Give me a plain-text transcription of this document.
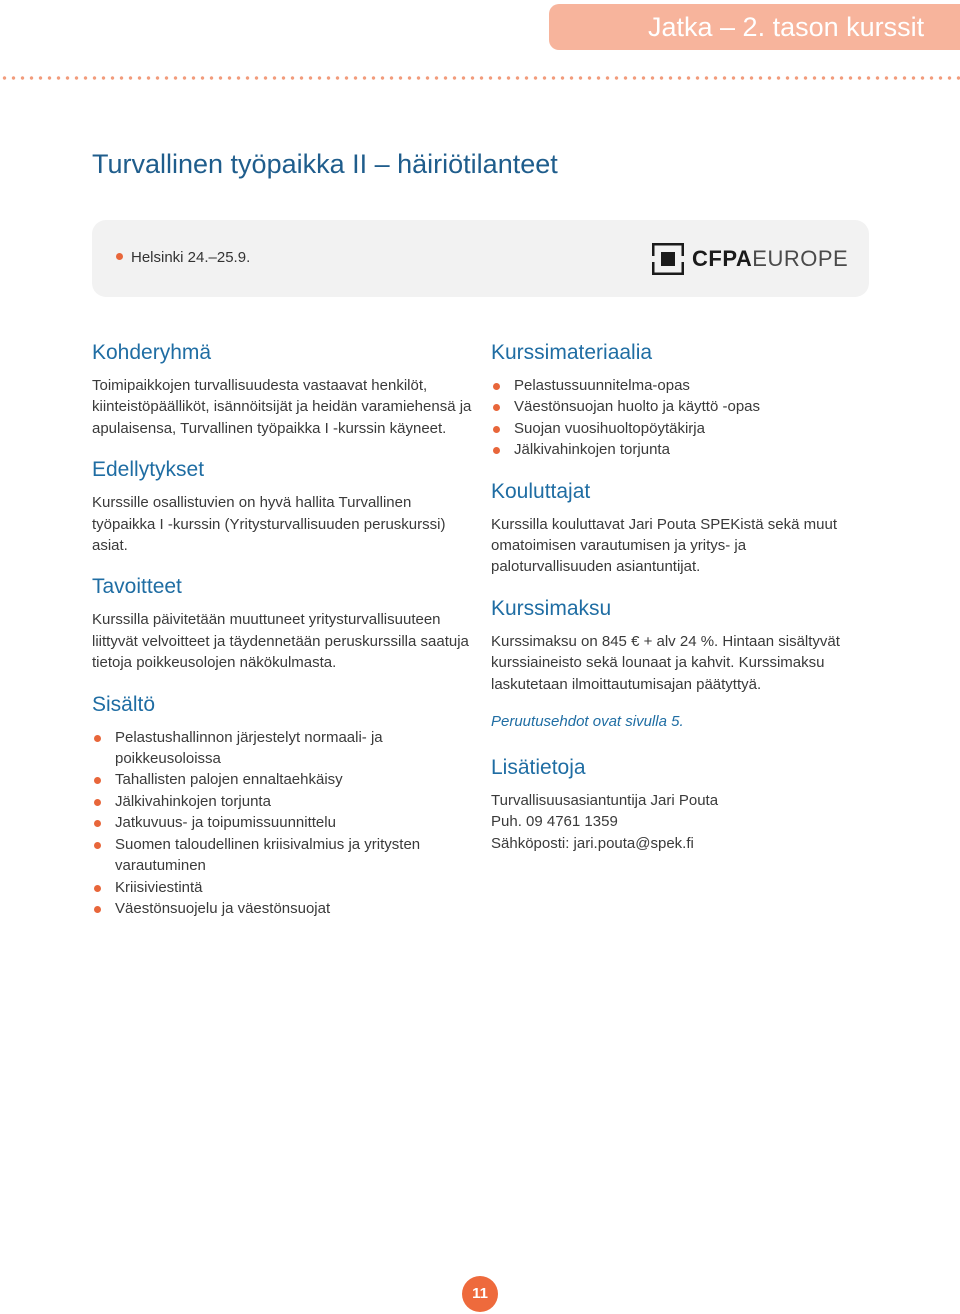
Jatka – 2. tason kurssit
Turvallinen työpaikka II – häiriötilanteet
Helsinki 24.–25.9.	CFPA EUROPE
Kohderyhmä

Toimipaikkojen turvallisuudesta vastaavat henkilöt, kiinteistöpäälliköt, isännöitsijät ja heidän varamiehensä ja apulaisensa, Turvallinen työpaikka I -kurssin käyneet.

Edellytykset

Kurssille osallistuvien on hyvä hallita Turvallinen työpaikka I -kurssin (Yritysturvallisuuden peruskurssi) asiat.

Tavoitteet

Kurssilla päivitetään muuttuneet yritysturvallisuuteen liittyvät velvoitteet ja täydennetään peruskurssilla saatuja tietoja poikkeusolojen näkökulmasta.

Sisältö
Pelastushallinnon järjestelyt normaali- ja poikkeusoloissa
Tahallisten palojen ennaltaehkäisy
Jälkivahinkojen torjunta
Jatkuvuus- ja toipumissuunnittelu
Suomen taloudellinen kriisivalmius ja yritysten varautuminen
Kriisiviestintä
Väestönsuojelu ja väestönsuojat
Kurssimateriaalia
Pelastussuunnitelma-opas
Väestönsuojan huolto ja käyttö -opas
Suojan vuosihuoltopöytäkirja
Jälkivahinkojen torjunta
Kouluttajat

Kurssilla kouluttavat Jari Pouta SPEKistä sekä muut omatoimisen varautumisen ja yritys- ja paloturvallisuuden asiantuntijat.

Kurssimaksu

Kurssimaksu on 845 € + alv 24 %. Hintaan sisältyvät kurssiaineisto sekä lounaat ja kahvit. Kurssimaksu laskutetaan ilmoittautumisajan päätyttyä.

Peruutusehdot ovat sivulla 5.
Lisätietoja

Turvallisuusasiantuntija Jari Pouta

Puh. 09 4761 1359

Sähköposti: jari.pouta@spek.fi

11
